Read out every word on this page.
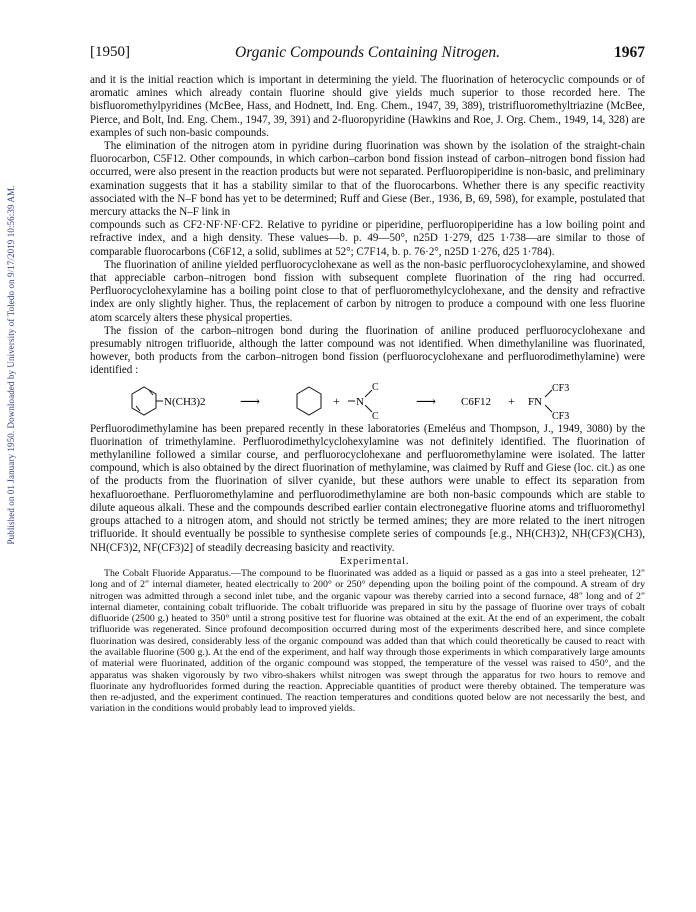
Published on 01 January 1950. Downloaded by University of Toledo on 9/17/2019 10:56:39 AM.
[1950]	Organic Compounds Containing Nitrogen.	1967

and it is the initial reaction which is important in determining the yield. The fluorination of heterocyclic compounds or of aromatic amines which already contain fluorine should give yields much superior to those recorded here. The bisfluoromethylpyridines (McBee, Hass, and Hodnett, Ind. Eng. Chem., 1947, 39, 389), tristrifluoromethyltriazine (McBee, Pierce, and Bolt, Ind. Eng. Chem., 1947, 39, 391) and 2-fluoropyridine (Hawkins and Roe, J. Org. Chem., 1949, 14, 328) are examples of such non-basic compounds.

The elimination of the nitrogen atom in pyridine during fluorination was shown by the isolation of the straight-chain fluorocarbon, C5F12. Other compounds, in which carbon–carbon bond fission instead of carbon–nitrogen bond fission had occurred, were also present in the reaction products but were not separated. Perfluoropiperidine is non-basic, and preliminary examination suggests that it has a stability similar to that of the fluorocarbons. Whether there is any specific reactivity associated with the N–F bond has yet to be determined; Ruff and Giese (Ber., 1936, B, 69, 598), for example, postulated that mercury attacks the N–F link in

compounds such as CF2·NF·NF·CF2. Relative to pyridine or piperidine, perfluoropiperidine has a low boiling point and refractive index, and a high density. These values—b. p. 49—50°, n25D 1·279, d25 1·738—are similar to those of comparable fluorocarbons (C6F12, a solid, sublimes at 52°; C7F14, b. p. 76·2°, n25D 1·276, d25 1·784).

The fluorination of aniline yielded perfluorocyclohexane as well as the non-basic perfluorocyclohexylamine, and showed that appreciable carbon–nitrogen bond fission with subsequent complete fluorination of the ring had occurred. Perfluorocyclohexylamine has a boiling point close to that of perfluoromethylcyclohexane, and the density and refractive index are only slightly higher. Thus, the replacement of carbon by nitrogen to produce a compound with one less fluorine atom scarcely alters these physical properties.

The fission of the carbon–nitrogen bond during the fluorination of aniline produced perfluorocyclohexane and presumably nitrogen trifluoride, although the latter compound was not identified. When dimethylaniline was fluorinated, however, both products from the carbon–nitrogen bond fission (perfluorocyclohexane and perfluorodimethylamine) were identified :

N(CH3)2 ⟶	+ N
C
C
⟶ C6F12 + FN
CF3
CF3

Perfluorodimethylamine has been prepared recently in these laboratories (Emeléus and Thompson, J., 1949, 3080) by the fluorination of trimethylamine. Perfluorodimethylcyclohexylamine was not definitely identified. The fluorination of methylaniline followed a similar course, and perfluorocyclohexane and perfluoromethylamine were isolated. The latter compound, which is also obtained by the direct fluorination of methylamine, was claimed by Ruff and Giese (loc. cit.) as one of the products from the fluorination of silver cyanide, but these authors were unable to effect its separation from hexafluoroethane. Perfluoromethylamine and perfluorodimethylamine are both non-basic compounds which are stable to dilute aqueous alkali. These and the compounds described earlier contain electronegative fluorine atoms and trifluoromethyl groups attached to a nitrogen atom, and should not strictly be termed amines; they are more related to the inert nitrogen trifluoride. It should eventually be possible to synthesise complete series of compounds [e.g., NH(CH3)2, NH(CF3)(CH3), NH(CF3)2, NF(CF3)2] of steadily decreasing basicity and reactivity.

Experimental.

The Cobalt Fluoride Apparatus.—The compound to be fluorinated was added as a liquid or passed as a gas into a steel preheater, 12" long and of 2" internal diameter, heated electrically to 200° or 250° depending upon the boiling point of the compound. A stream of dry nitrogen was admitted through a second inlet tube, and the organic vapour was thereby carried into a second furnace, 48" long and of 2" internal diameter, containing cobalt trifluoride. The cobalt trifluoride was prepared in situ by the passage of fluorine over trays of cobalt difluoride (2500 g.) heated to 350° until a strong positive test for fluorine was obtained at the exit. At the end of an experiment, the cobalt trifluoride was regenerated. Since profound decomposition occurred during most of the experiments described here, and since complete fluorination was desired, considerably less of the organic compound was added than that which could theoretically be caused to react with the available fluorine (500 g.). At the end of the experiment, and half way through those experiments in which comparatively large amounts of material were fluorinated, addition of the organic compound was stopped, the temperature of the vessel was raised to 450°, and the apparatus was shaken vigorously by two vibro-shakers whilst nitrogen was swept through the apparatus for two hours to remove and fluorinate any hydrofluorides formed during the reaction. Appreciable quantities of product were thereby obtained. The temperature was then re-adjusted, and the experiment continued. The reaction temperatures and conditions quoted below are not necessarily the best, and variation in the conditions would probably lead to improved yields.
